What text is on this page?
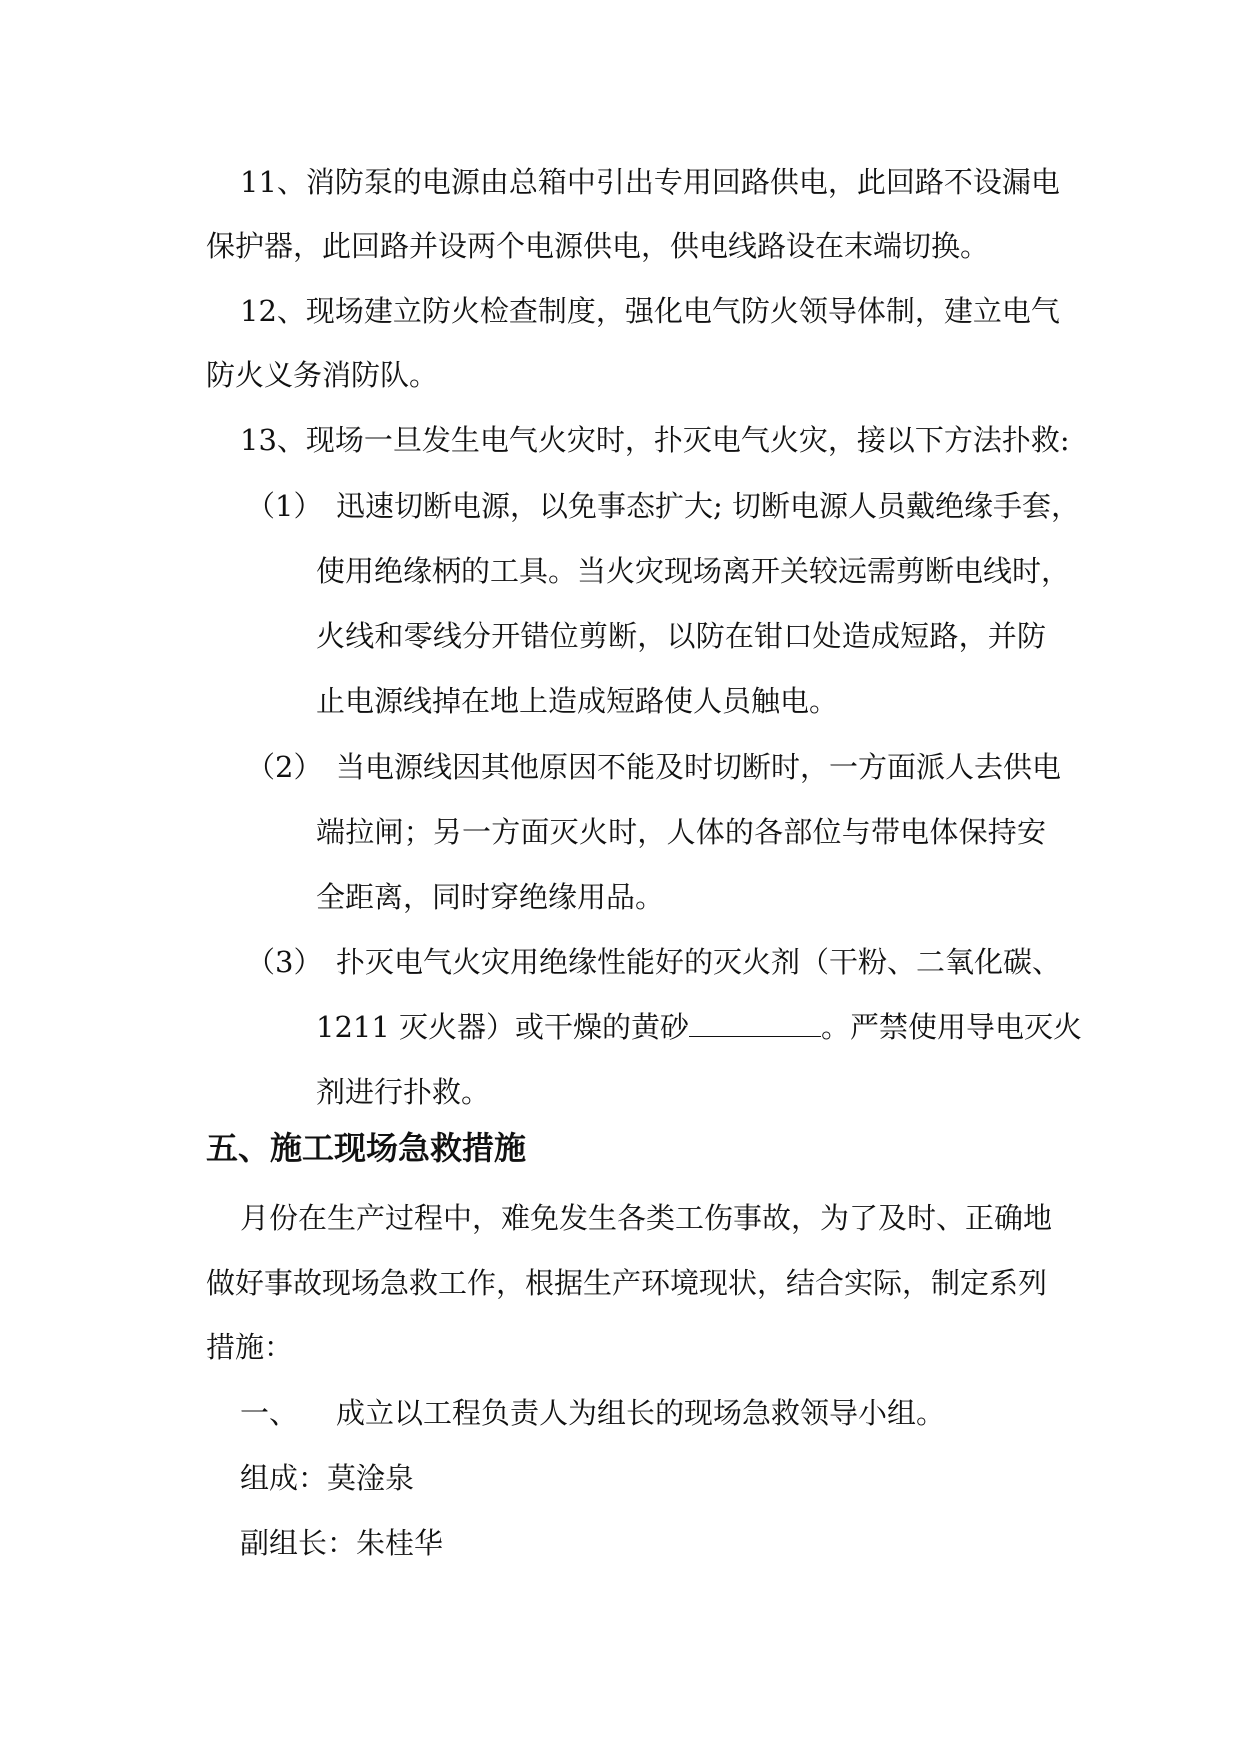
11、消防泵的电源由总箱中引出专用回路供电，此回路不设漏电
保护器，此回路并设两个电源供电，供电线路设在末端切换。
12、现场建立防火检查制度，强化电气防火领导体制，建立电气
防火义务消防队。
13、现场一旦发生电气火灾时，扑灭电气火灾，接以下方法扑救:
（1） 迅速切断电源，以免事态扩大; 切断电源人员戴绝缘手套，
使用绝缘柄的工具。当火灾现场离开关较远需剪断电线时，
火线和零线分开错位剪断，以防在钳口处造成短路，并防
止电源线掉在地上造成短路使人员触电。
（2） 当电源线因其他原因不能及时切断时，一方面派人去供电
端拉闸；另一方面灭火时，人体的各部位与带电体保持安
全距离，同时穿绝缘用品。
（3） 扑灭电气火灾用绝缘性能好的灭火剂（干粉、二氧化碳、
1211 灭火器）或干燥的黄砂	。严禁使用导电灭火
剂进行扑救。
五、施工现场急救措施
月份在生产过程中，难免发生各类工伤事故，为了及时、正确地
做好事故现场急救工作，根据生产环境现状，结合实际，制定系列
措施：
一、 成立以工程负责人为组长的现场急救领导小组。
组成：莫淦泉
副组长：朱桂华
